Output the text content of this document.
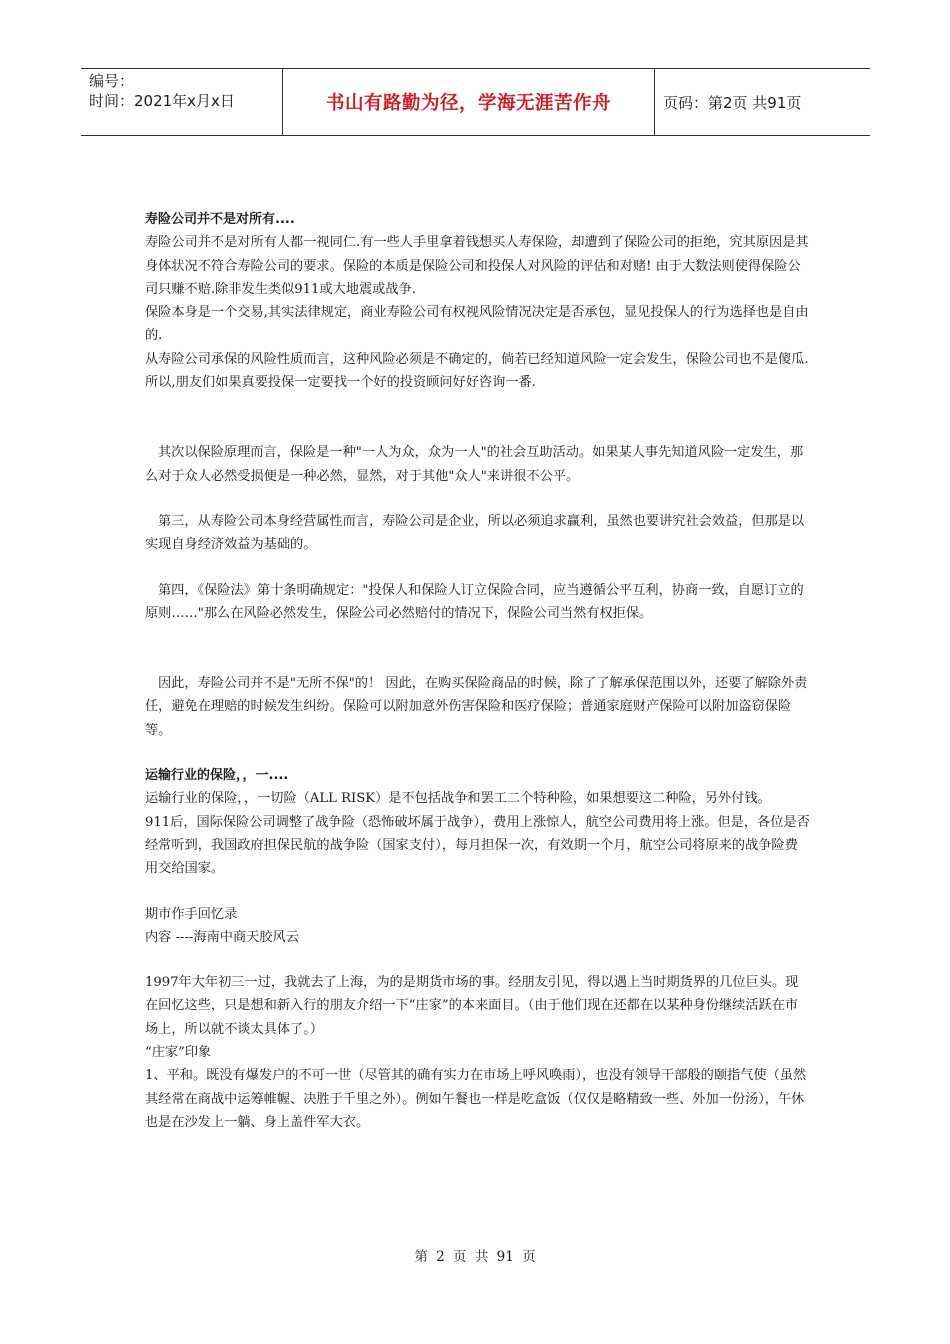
编号：
时间：2021年x月x日	书山有路勤为径，学海无涯苦作舟	页码：第2页 共91页

寿险公司并不是对所有....

寿险公司并不是对所有人都一视同仁.有一些人手里拿着钱想买人寿保险，却遭到了保险公司的拒绝，究其原因是其身体状况不符合寿险公司的要求。保险的本质是保险公司和投保人对风险的评估和对赌! 由于大数法则使得保险公司只赚不赔.除非发生类似911或大地震或战争.

保险本身是一个交易,其实法律规定，商业寿险公司有权视风险情况决定是否承包，显见投保人的行为选择也是自由的.

从寿险公司承保的风险性质而言，这种风险必须是不确定的，倘若已经知道风险一定会发生，保险公司也不是傻瓜.所以,朋友们如果真要投保一定要找一个好的投资顾问好好咨询一番.

其次以保险原理而言，保险是一种"一人为众，众为一人"的社会互助活动。如果某人事先知道风险一定发生，那么对于众人必然受损便是一种必然，显然，对于其他"众人"来讲很不公平。

第三，从寿险公司本身经营属性而言，寿险公司是企业，所以必须追求赢利，虽然也要讲究社会效益，但那是以实现自身经济效益为基础的。

第四，《保险法》第十条明确规定："投保人和保险人订立保险合同，应当遵循公平互利，协商一致，自愿订立的原则……"那么在风险必然发生，保险公司必然赔付的情况下，保险公司当然有权拒保。

因此，寿险公司并不是"无所不保"的！ 因此，在购买保险商品的时候，除了了解承保范围以外，还要了解除外责任，避免在理赔的时候发生纠纷。保险可以附加意外伤害保险和医疗保险；普通家庭财产保险可以附加盗窃保险等。

运输行业的保险，，一....

运输行业的保险，，一切险（ALL RISK）是不包括战争和罢工二个特种险，如果想要这二种险，另外付钱。

911后，国际保险公司调整了战争险（恐怖破坏属于战争），费用上涨惊人，航空公司费用将上涨。但是，各位是否经常听到，我国政府担保民航的战争险（国家支付），每月担保一次，有效期一个月，航空公司将原来的战争险费用交给国家。

期市作手回忆录

内容 ----海南中商天胶风云

1997年大年初三一过，我就去了上海，为的是期货市场的事。经朋友引见，得以遇上当时期货界的几位巨头。现在回忆这些，只是想和新入行的朋友介绍一下“庄家”的本来面目。（由于他们现在还都在以某种身份继续活跃在市场上，所以就不谈太具体了。）

“庄家”印象

1、平和。既没有爆发户的不可一世（尽管其的确有实力在市场上呼风唤雨），也没有领导干部般的颐指气使（虽然其经常在商战中运筹帷幄、决胜于千里之外）。例如午餐也一样是吃盒饭（仅仅是略精致一些、外加一份汤），午休也是在沙发上一躺、身上盖件军大衣。

第 2 页 共 91 页
